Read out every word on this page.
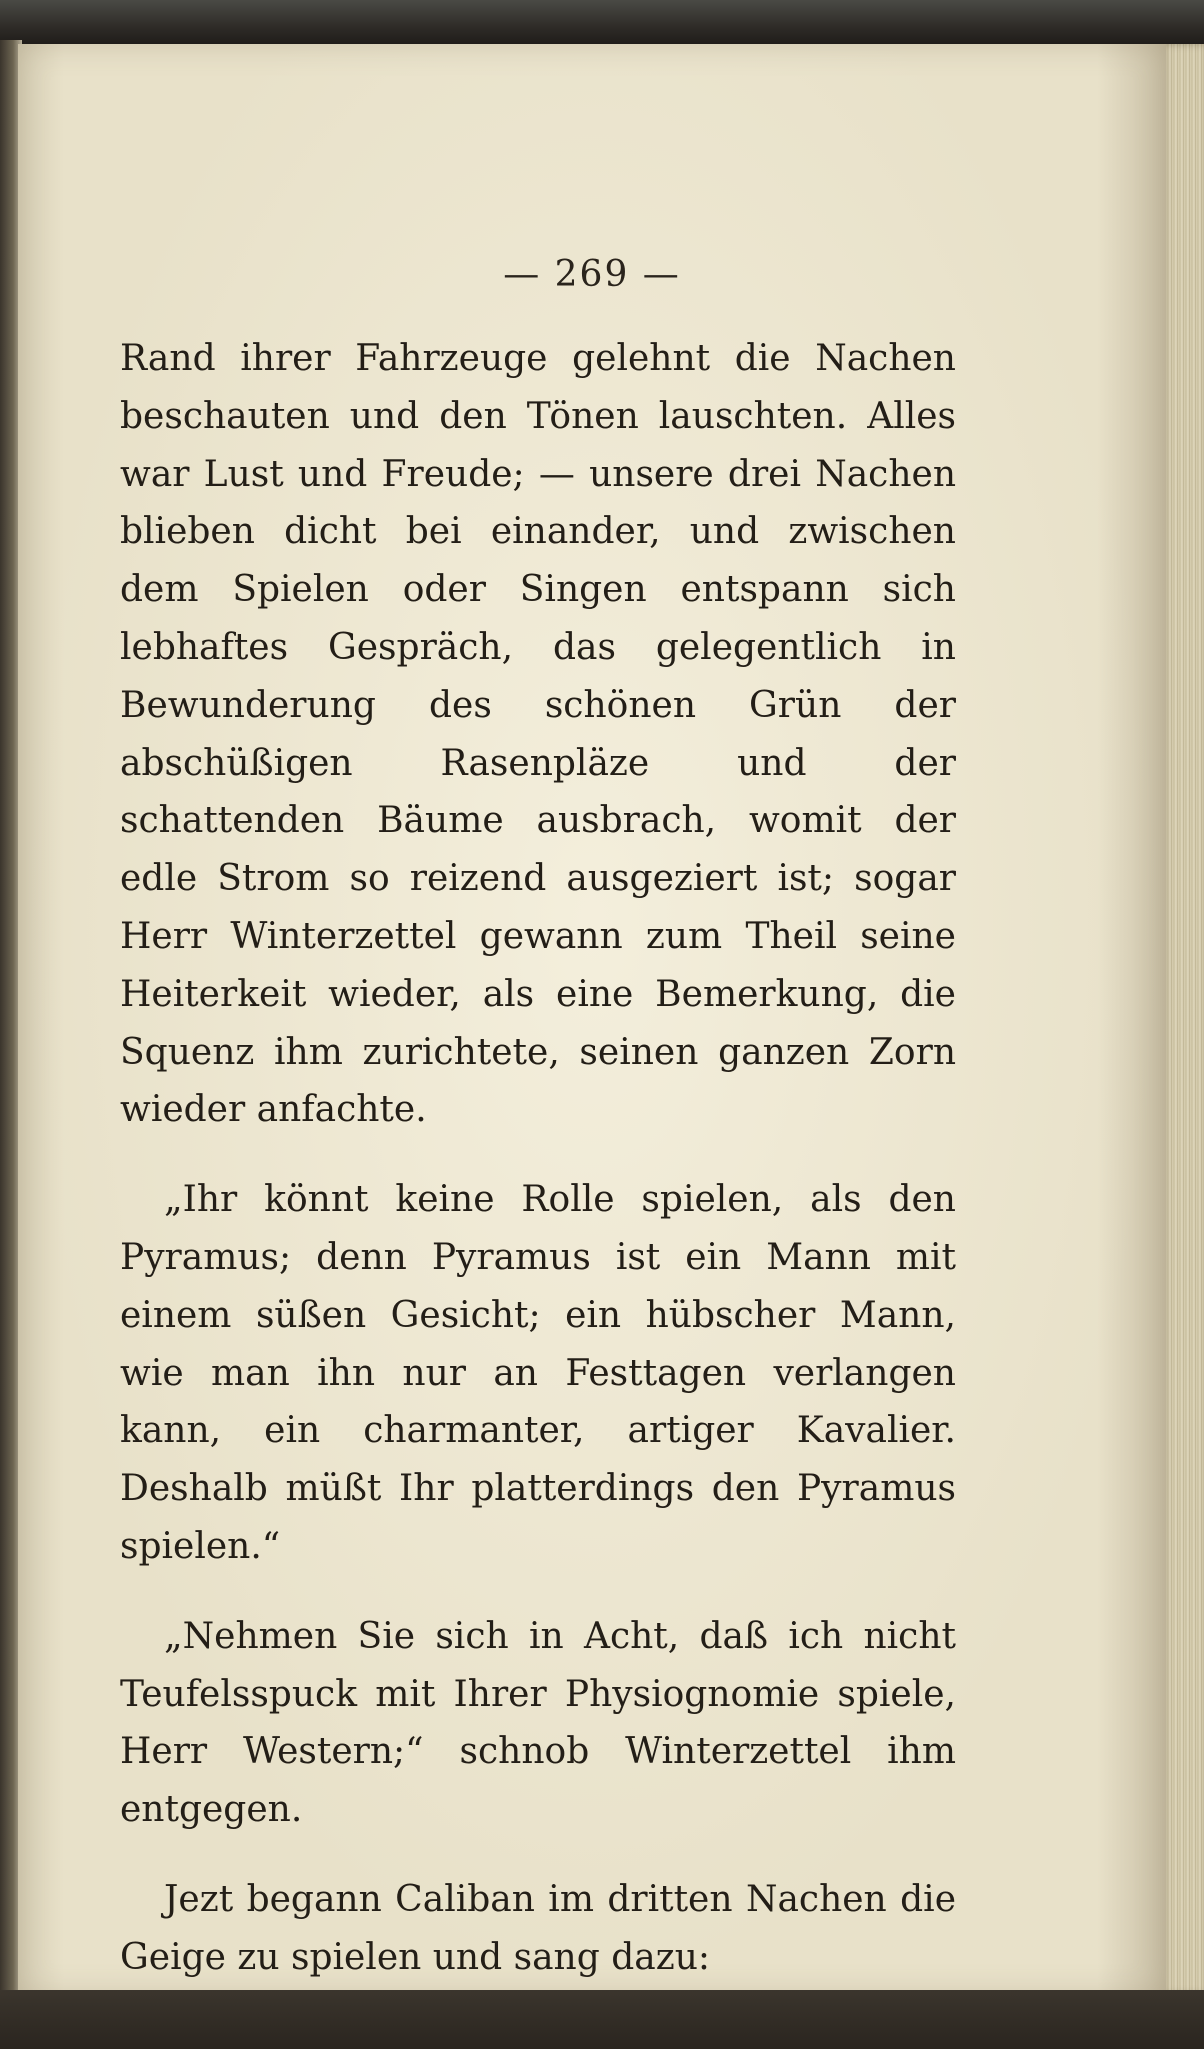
— 269 —

Rand ihrer Fahrzeuge gelehnt die Nachen beschauten und den Tönen lauschten. Alles war Lust und Freude; — unsere drei Nachen blieben dicht bei einander, und zwischen dem Spielen oder Singen entspann sich lebhaftes Gespräch, das gelegentlich in Bewunderung des schönen Grün der abschüßigen Rasenpläze und der schattenden Bäume ausbrach, womit der edle Strom so reizend ausgeziert ist; sogar Herr Winterzettel gewann zum Theil seine Heiterkeit wieder, als eine Bemerkung, die Squenz ihm zurichtete, seinen ganzen Zorn wieder anfachte.

„Ihr könnt keine Rolle spielen, als den Pyramus; denn Pyramus ist ein Mann mit einem süßen Gesicht; ein hübscher Mann, wie man ihn nur an Festtagen verlangen kann, ein charmanter, artiger Kavalier. Deshalb müßt Ihr platterdings den Pyramus spielen.“

„Nehmen Sie sich in Acht, daß ich nicht Teufelsspuck mit Ihrer Physiognomie spiele, Herr Western;“ schnob Winterzettel ihm entgegen.

Jezt begann Caliban im dritten Nachen die Geige zu spielen und sang dazu:
